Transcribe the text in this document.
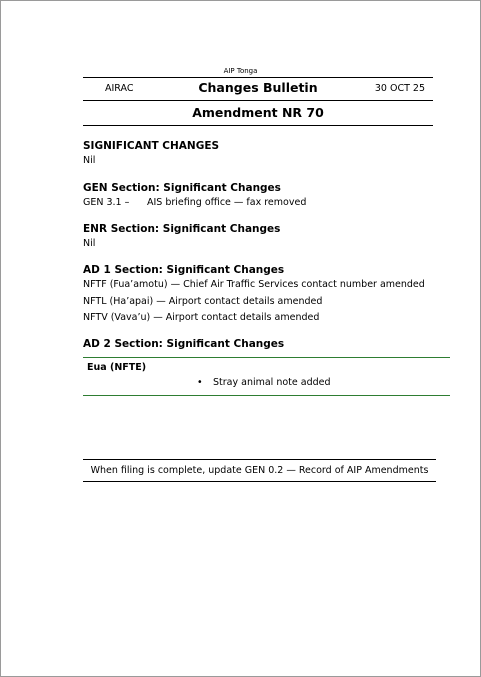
AIP Tonga
AIRAC	Changes Bulletin	30 OCT 25
Amendment NR 70
SIGNIFICANT CHANGES
Nil
GEN Section: Significant Changes
GEN 3.1 – AIS briefing office — fax removed
ENR Section: Significant Changes
Nil
AD 1 Section: Significant Changes
NFTF (Fua’amotu) — Chief Air Traffic Services contact number amended
NFTL (Ha’apai) — Airport contact details amended
NFTV (Vava’u) — Airport contact details amended
AD 2 Section: Significant Changes
Eua (NFTE)
• Stray animal note added
When filing is complete, update GEN 0.2 — Record of AIP Amendments
